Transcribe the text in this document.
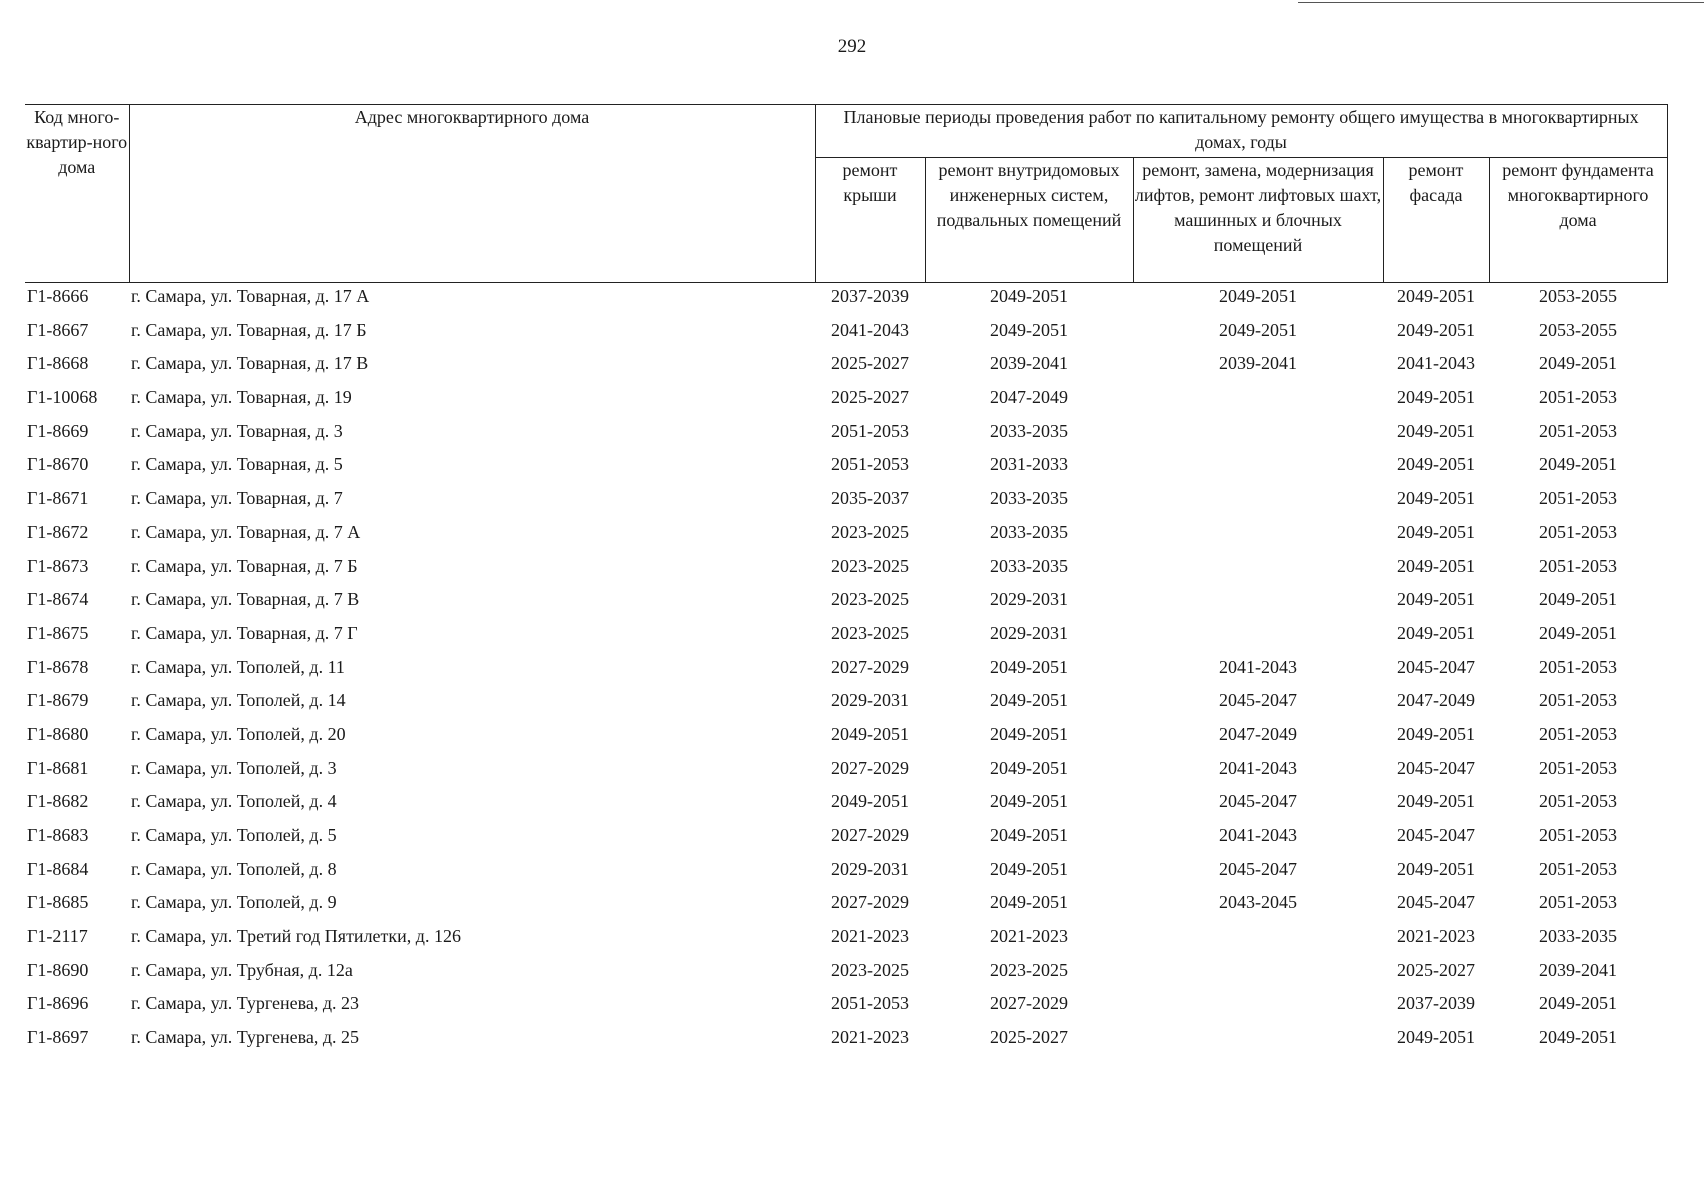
292
Код много-квартир-ного дома	Адрес многоквартирного дома	Плановые периоды проведения работ по капитальному ремонту общего имущества в многоквартирных домах, годы				
		ремонт крыши	ремонт внутридомовых инженерных систем, подвальных помещений	ремонт, замена, модернизация лифтов, ремонт лифтовых шахт, машинных и блочных помещений	ремонт фасада	ремонт фундамента многоквартирного дома
Г1-8666	г. Самара, ул. Товарная, д. 17 А	2037-2039	2049-2051	2049-2051	2049-2051	2053-2055
Г1-8667	г. Самара, ул. Товарная, д. 17 Б	2041-2043	2049-2051	2049-2051	2049-2051	2053-2055
Г1-8668	г. Самара, ул. Товарная, д. 17 В	2025-2027	2039-2041	2039-2041	2041-2043	2049-2051
Г1-10068	г. Самара, ул. Товарная, д. 19	2025-2027	2047-2049		2049-2051	2051-2053
Г1-8669	г. Самара, ул. Товарная, д. 3	2051-2053	2033-2035		2049-2051	2051-2053
Г1-8670	г. Самара, ул. Товарная, д. 5	2051-2053	2031-2033		2049-2051	2049-2051
Г1-8671	г. Самара, ул. Товарная, д. 7	2035-2037	2033-2035		2049-2051	2051-2053
Г1-8672	г. Самара, ул. Товарная, д. 7 А	2023-2025	2033-2035		2049-2051	2051-2053
Г1-8673	г. Самара, ул. Товарная, д. 7 Б	2023-2025	2033-2035		2049-2051	2051-2053
Г1-8674	г. Самара, ул. Товарная, д. 7 В	2023-2025	2029-2031		2049-2051	2049-2051
Г1-8675	г. Самара, ул. Товарная, д. 7 Г	2023-2025	2029-2031		2049-2051	2049-2051
Г1-8678	г. Самара, ул. Тополей, д. 11	2027-2029	2049-2051	2041-2043	2045-2047	2051-2053
Г1-8679	г. Самара, ул. Тополей, д. 14	2029-2031	2049-2051	2045-2047	2047-2049	2051-2053
Г1-8680	г. Самара, ул. Тополей, д. 20	2049-2051	2049-2051	2047-2049	2049-2051	2051-2053
Г1-8681	г. Самара, ул. Тополей, д. 3	2027-2029	2049-2051	2041-2043	2045-2047	2051-2053
Г1-8682	г. Самара, ул. Тополей, д. 4	2049-2051	2049-2051	2045-2047	2049-2051	2051-2053
Г1-8683	г. Самара, ул. Тополей, д. 5	2027-2029	2049-2051	2041-2043	2045-2047	2051-2053
Г1-8684	г. Самара, ул. Тополей, д. 8	2029-2031	2049-2051	2045-2047	2049-2051	2051-2053
Г1-8685	г. Самара, ул. Тополей, д. 9	2027-2029	2049-2051	2043-2045	2045-2047	2051-2053
Г1-2117	г. Самара, ул. Третий год Пятилетки, д. 126	2021-2023	2021-2023		2021-2023	2033-2035
Г1-8690	г. Самара, ул. Трубная, д. 12а	2023-2025	2023-2025		2025-2027	2039-2041
Г1-8696	г. Самара, ул. Тургенева, д. 23	2051-2053	2027-2029		2037-2039	2049-2051
Г1-8697	г. Самара, ул. Тургенева, д. 25	2021-2023	2025-2027		2049-2051	2049-2051
